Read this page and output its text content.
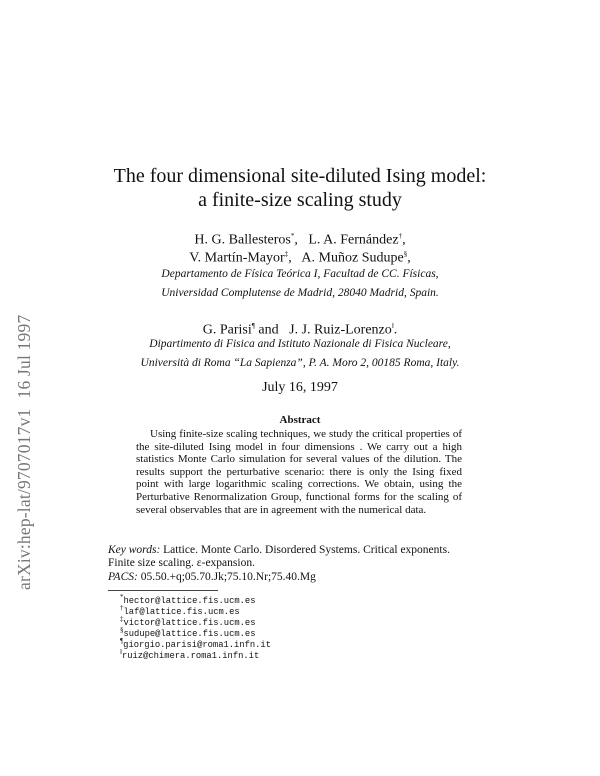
arXiv:hep-lat/9707017v116 Jul 1997
The four dimensional site-diluted Ising model:
a finite-size scaling study
H. G. Ballesteros*,   L. A. Fernández†,
V. Martín-Mayor‡,   A. Muñoz Sudupe§,
Departamento de Física Teórica I, Facultad de CC. Físicas,
Universidad Complutense de Madrid, 28040 Madrid, Spain.
G. Parisi¶ and   J. J. Ruiz-Lorenzo‖.
Dipartimento di Fisica and Istituto Nazionale di Fisica Nucleare,
Università di Roma “La Sapienza”, P. A. Moro 2, 00185 Roma, Italy.
July 16, 1997
Abstract
Using finite-size scaling techniques, we study the critical properties of the site-diluted Ising model in four dimensions . We carry out a high statistics Monte Carlo simulation for several values of the dilution. The results support the perturbative scenario: there is only the Ising fixed point with large logarithmic scaling corrections. We obtain, using the Perturbative Renormalization Group, functional forms for the scaling of several observables that are in agreement with the numerical data.
Key words: Lattice. Monte Carlo. Disordered Systems. Critical exponents.
Finite size scaling. ε-expansion.
PACS: 05.50.+q;05.70.Jk;75.10.Nr;75.40.Mg
*hector@lattice.fis.ucm.es
†laf@lattice.fis.ucm.es
‡victor@lattice.fis.ucm.es
§sudupe@lattice.fis.ucm.es
¶giorgio.parisi@roma1.infn.it
‖ruiz@chimera.roma1.infn.it
